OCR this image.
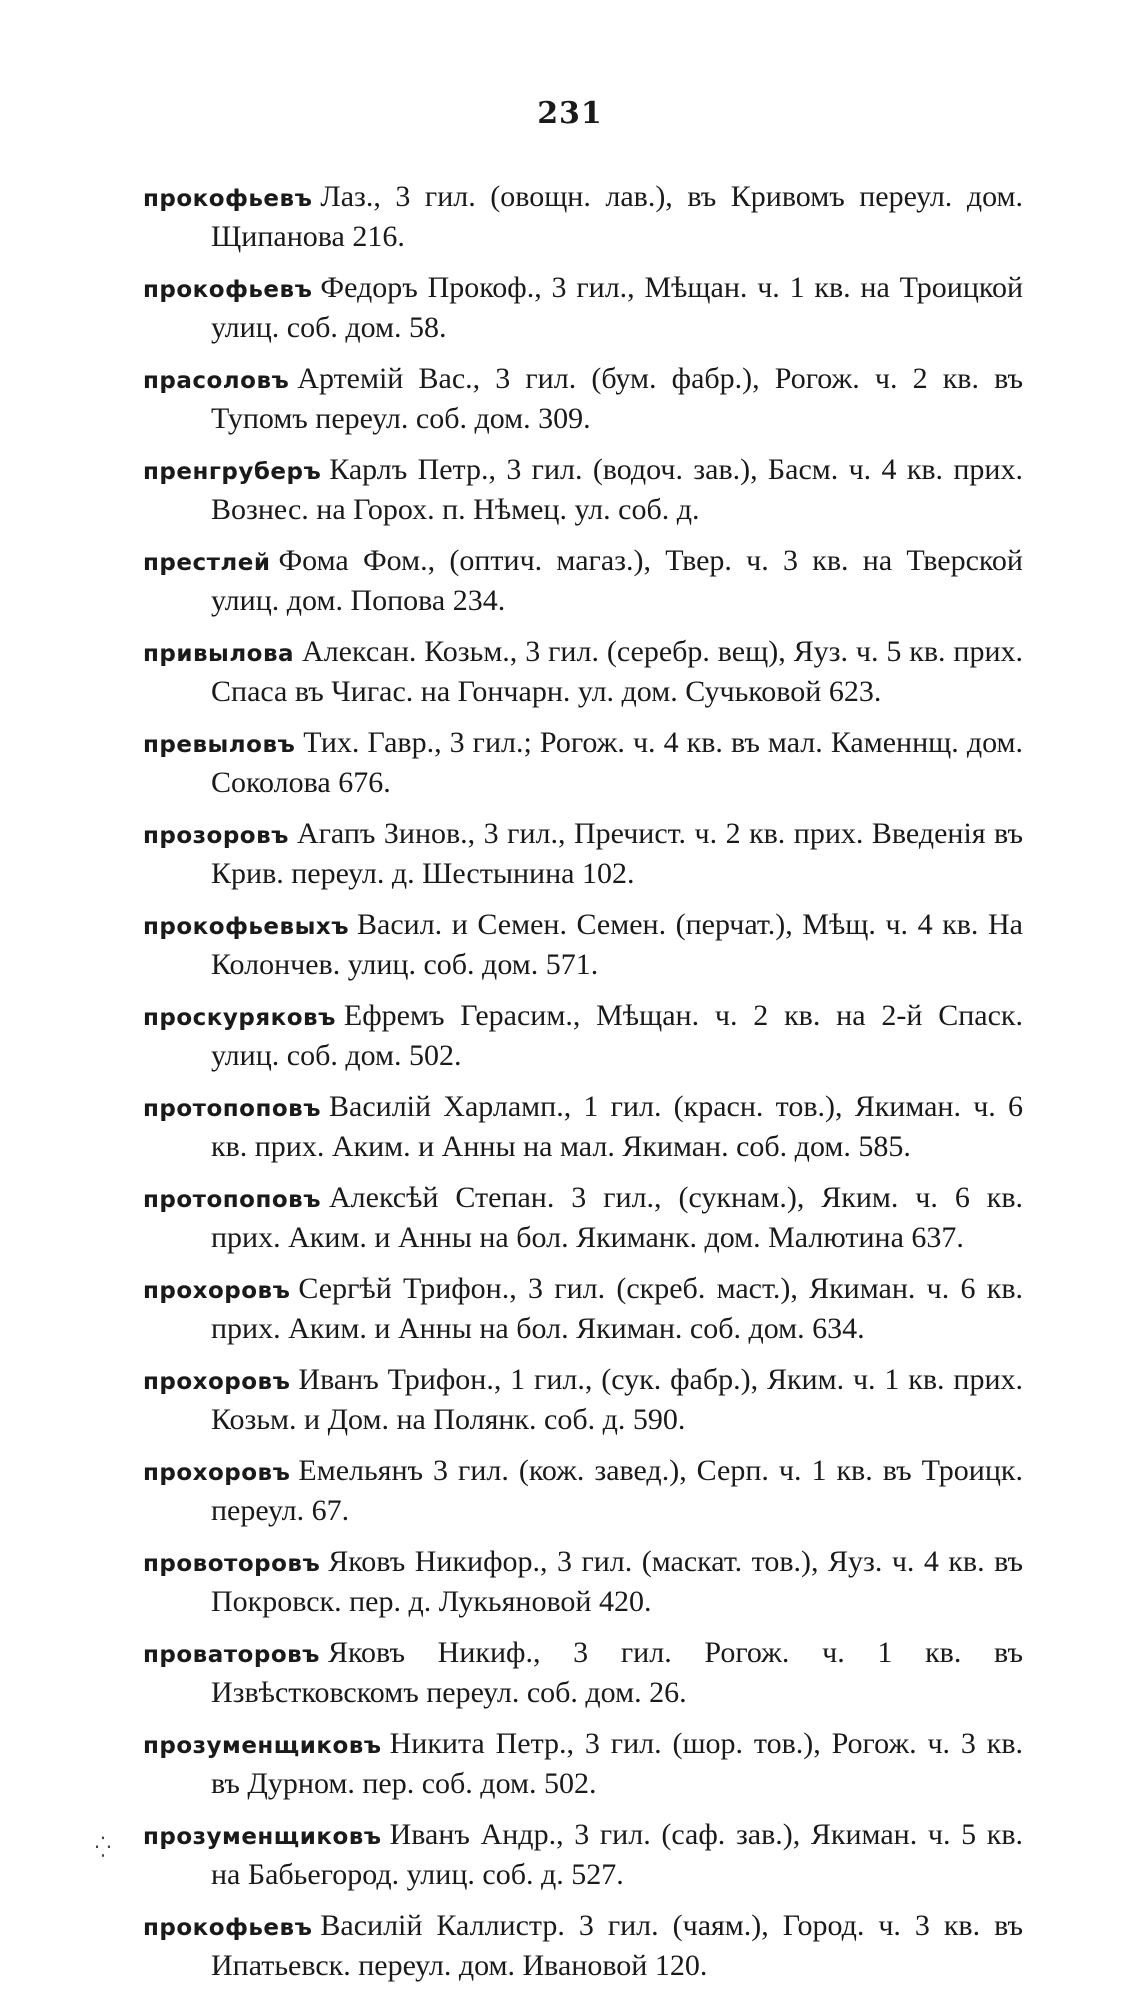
231

прокофьевъ Лаз., 3 гил. (овощн. лав.), въ Кривомъ переул. дом. Щипанова 216.

прокофьевъ Федоръ Прокоф., 3 гил., Мѣщан. ч. 1 кв. на Троицкой улиц. соб. дом. 58.

прасоловъ Артемій Вас., 3 гил. (бум. фабр.), Рогож. ч. 2 кв. въ Тупомъ переул. соб. дом. 309.

пренгруберъ Карлъ Петр., 3 гил. (водоч. зав.), Басм. ч. 4 кв. прих. Вознес. на Горох. п. Нѣмец. ул. соб. д.

престлей Фома Фом., (оптич. магаз.), Твер. ч. 3 кв. на Тверской улиц. дом. Попова 234.

привылова Алексан. Козьм., 3 гил. (серебр. вещ), Яуз. ч. 5 кв. прих. Спаса въ Чигас. на Гончарн. ул. дом. Сучьковой 623.

превыловъ Тих. Гавр., 3 гил.; Рогож. ч. 4 кв. въ мал. Каменнщ. дом. Соколова 676.

прозоровъ Агапъ Зинов., 3 гил., Пречист. ч. 2 кв. прих. Введенія въ Крив. переул. д. Шестынина 102.

прокофьевыхъ Васил. и Семен. Семен. (перчат.), Мѣщ. ч. 4 кв. На Колончев. улиц. соб. дом. 571.

проскуряковъ Ефремъ Герасим., Мѣщан. ч. 2 кв. на 2-й Спаск. улиц. соб. дом. 502.

протопоповъ Василій Харламп., 1 гил. (красн. тов.), Якиман. ч. 6 кв. прих. Аким. и Анны на мал. Якиман. соб. дом. 585.

протопоповъ Алексѣй Степан. 3 гил., (сукнам.), Яким. ч. 6 кв. прих. Аким. и Анны на бол. Якиманк. дом. Малютина 637.

прохоровъ Сергѣй Трифон., 3 гил. (скреб. маст.), Якиман. ч. 6 кв. прих. Аким. и Анны на бол. Якиман. соб. дом. 634.

прохоровъ Иванъ Трифон., 1 гил., (сук. фабр.), Яким. ч. 1 кв. прих. Козьм. и Дом. на Полянк. соб. д. 590.

прохоровъ Емельянъ 3 гил. (кож. завед.), Серп. ч. 1 кв. въ Троицк. переул. 67.

провоторовъ Яковъ Никифор., 3 гил. (маскат. тов.), Яуз. ч. 4 кв. въ Покровск. пер. д. Лукьяновой 420.

проваторовъ Яковъ Никиф., 3 гил. Рогож. ч. 1 кв. въ Извѣстковскомъ переул. соб. дом. 26.

прозуменщиковъ Никита Петр., 3 гил. (шор. тов.), Рогож. ч. 3 кв. въ Дурном. пер. соб. дом. 502.

прозуменщиковъ Иванъ Андр., 3 гил. (саф. зав.), Якиман. ч. 5 кв. на Бабьегород. улиц. соб. д. 527.

прокофьевъ Василій Каллистр. 3 гил. (чаям.), Город. ч. 3 кв. въ Ипатьевск. переул. дом. Ивановой 120.

⁛
